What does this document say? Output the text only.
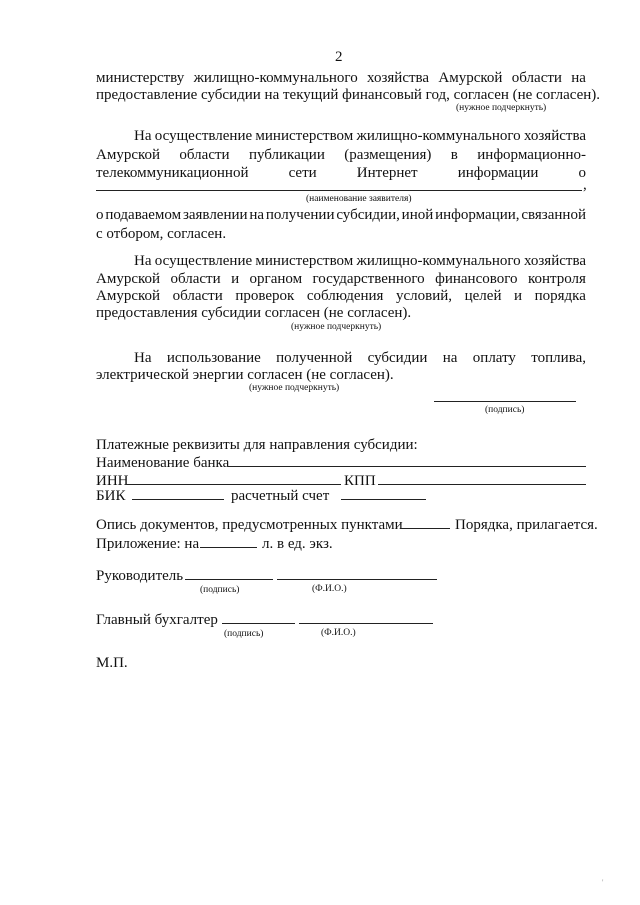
2
министерству жилищно-коммунального хозяйства Амурской области на
предоставление субсидии на текущий финансовый год, согласен (не согласен).
(нужное подчеркнуть)
На осуществление министерством жилищно-коммунального хозяйства
Амурской области публикации (размещения) в информационно-
телекоммуникационной	сети	Интернет	информации	о
,
(наименование заявителя)
о подаваемом заявлении на получении субсидии, иной информации, связанной
с отбором, согласен.
На осуществление министерством жилищно-коммунального хозяйства
Амурской области и органом государственного финансового контроля
Амурской области проверок соблюдения условий, целей и порядка
предоставления субсидии согласен (не согласен).
(нужное подчеркнуть)
На использование полученной субсидии на оплату топлива,
электрической энергии согласен (не согласен).
(нужное подчеркнуть)
(подпись)
Платежные реквизиты для направления субсидии:
Наименование банка
ИНН	КПП
БИК	расчетный счет
Опись документов, предусмотренных пунктами	Порядка, прилагается.
Приложение: на	л. в ед. экз.
Руководитель
(подпись)	(Ф.И.О.)
Главный бухгалтер
(подпись)	(Ф.И.О.)
М.П.
'
